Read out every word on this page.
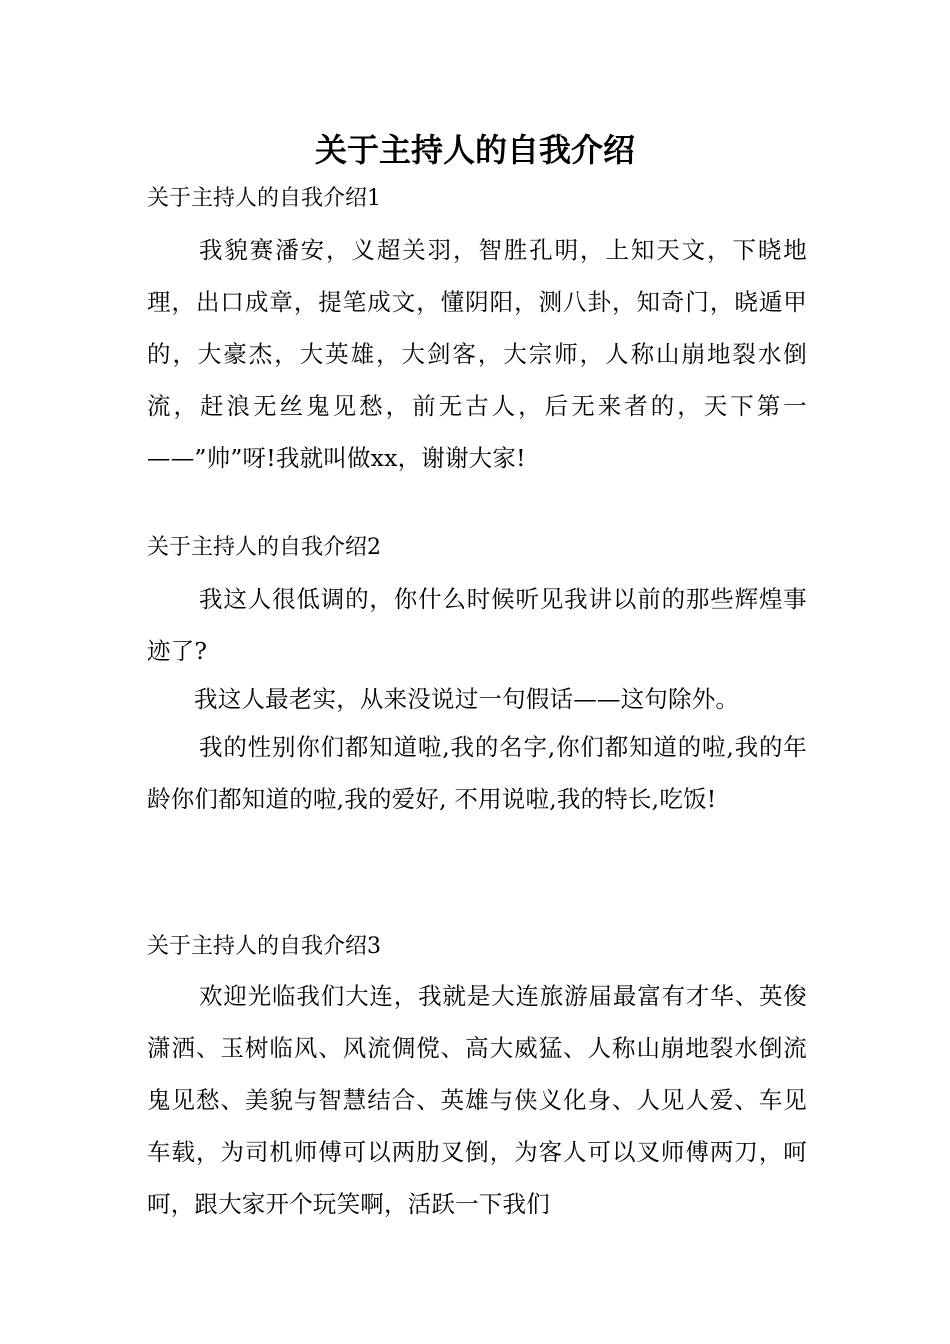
关于主持人的自我介绍
关于主持人的自我介绍1

我貌赛潘安，义超关羽，智胜孔明，上知天文，下晓地理，出口成章，提笔成文，懂阴阳，测八卦，知奇门，晓遁甲的，大豪杰，大英雄，大剑客，大宗师，人称山崩地裂水倒流，赶浪无丝鬼见愁，前无古人，后无来者的，天下第一——”帅”呀!我就叫做xx，谢谢大家!

关于主持人的自我介绍2

我这人很低调的，你什么时候听见我讲以前的那些辉煌事迹了?

我这人最老实，从来没说过一句假话——这句除外。

我的性别你们都知道啦,我的名字,你们都知道的啦,我的年龄你们都知道的啦,我的爱好, 不用说啦,我的特长,吃饭!

关于主持人的自我介绍3

欢迎光临我们大连，我就是大连旅游届最富有才华、英俊潇洒、玉树临风、风流倜傥、高大威猛、人称山崩地裂水倒流鬼见愁、美貌与智慧结合、英雄与侠义化身、人见人爱、车见车载，为司机师傅可以两肋叉倒，为客人可以叉师傅两刀，呵呵，跟大家开个玩笑啊，活跃一下我们
